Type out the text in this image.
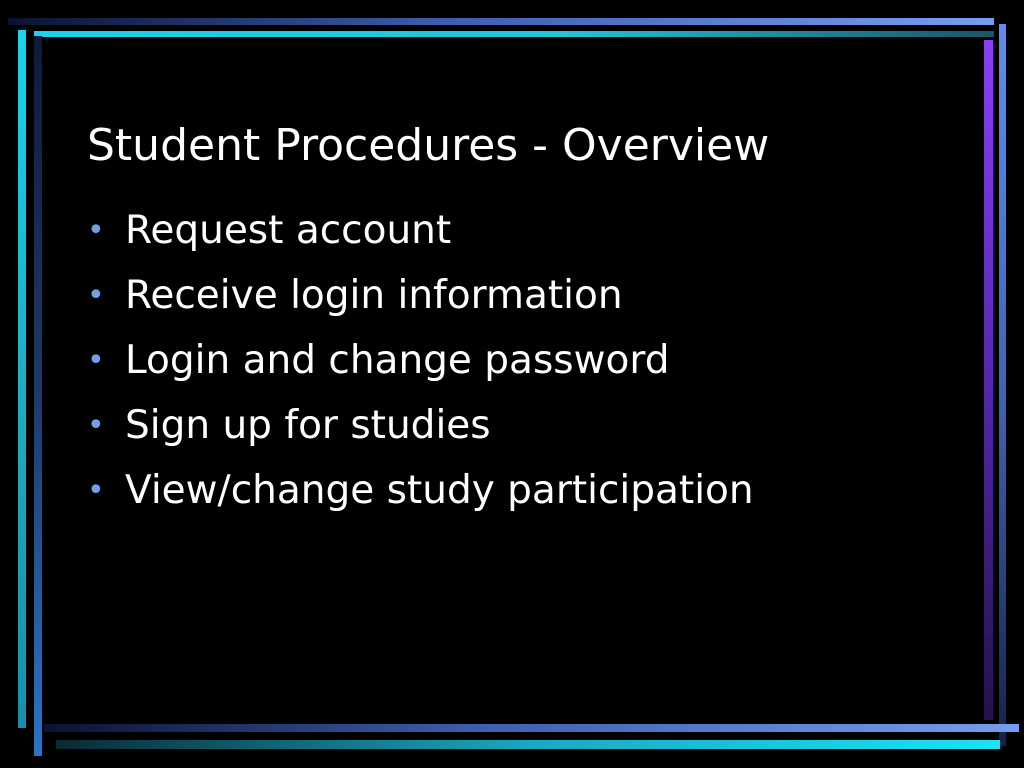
Student Procedures - Overview
• Request account
• Receive login information
• Login and change password
• Sign up for studies
• View/change study participation
